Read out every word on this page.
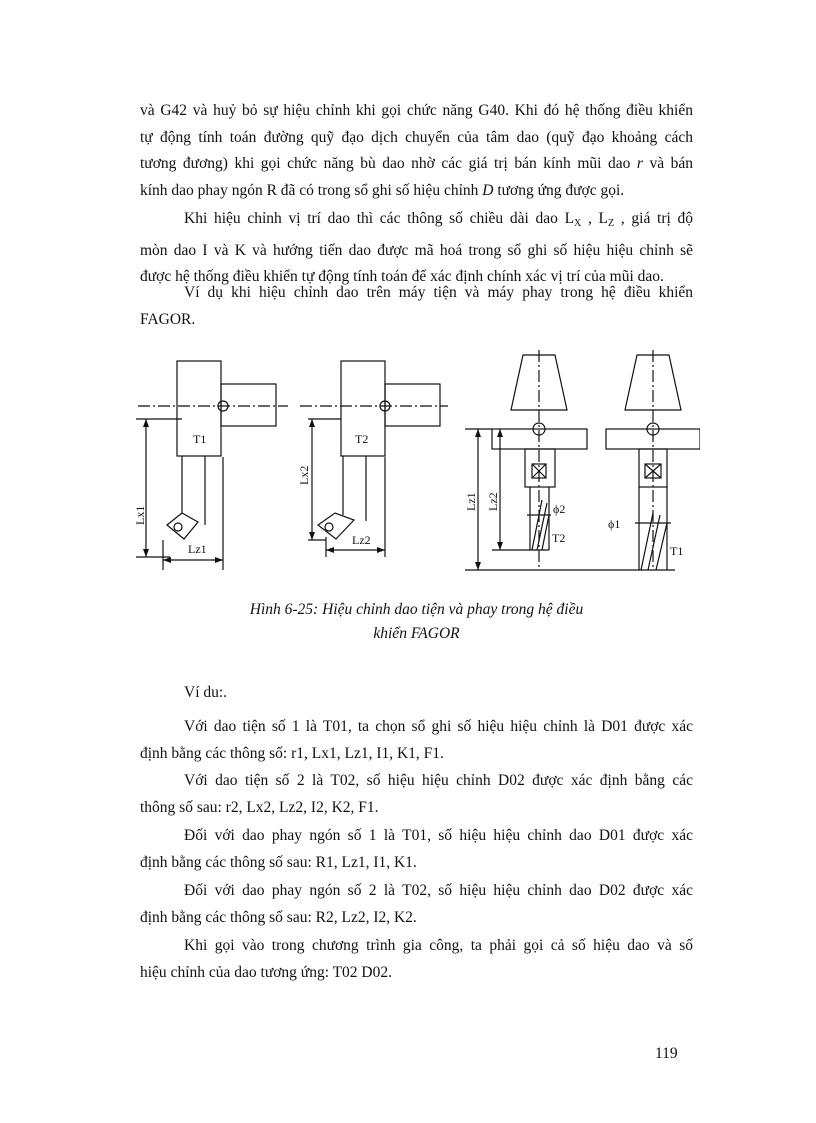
và G42 và huỷ bỏ sự hiệu chỉnh khi gọi chức năng G40. Khi đó hệ thống điều khiển
tự động tính toán đường quỹ đạo dịch chuyển của tâm dao (quỹ đạo khoảng cách
tương đương) khi gọi chức năng bù dao nhờ các giá trị bán kính mũi dao r và bán
kính dao phay ngón R đã có trong sổ ghi số hiệu chỉnh D tương ứng được gọi.
Khi hiệu chỉnh vị trí dao thì các thông số chiều dài dao $L_X$ , $L_Z$ , giá trị độ
mòn dao I và K và hướng tiến dao được mã hoá trong sổ ghi số hiệu hiệu chỉnh sẽ
được hệ thống điều khiển tự động tính toán để xác định chính xác vị trí của mũi dao.
Ví dụ khi hiệu chỉnh dao trên máy tiện và máy phay trong hệ điều khiển
FAGOR.
T1	T2
Lx1
Lx2
Lz1
Lz2
Lz1 Lz2	ϕ2
ϕ1
T2
T1
Hình 6-25: Hiệu chỉnh dao tiện và phay trong hệ điều
khiển FAGOR
Ví du:.
Với dao tiện số 1 là T01, ta chọn sổ ghi số hiệu hiệu chỉnh là D01 được xác
định bằng các thông số: r1, Lx1, Lz1, I1, K1, F1.
Với dao tiện số 2 là T02, số hiệu hiệu chỉnh D02 được xác định bằng các
thông số sau: r2, Lx2, Lz2, I2, K2, F1.
Đối với dao phay ngón số 1 là T01, số hiệu hiệu chỉnh dao D01 được xác
định bằng các thông số sau: R1, Lz1, I1, K1.
Đối với dao phay ngón số 2 là T02, số hiệu hiệu chỉnh dao D02 được xác
định bằng các thông số sau: R2, Lz2, I2, K2.
Khi gọi vào trong chương trình gia công, ta phải gọi cả số hiệu dao và số
hiệu chỉnh của dao tương ứng: T02 D02.
119
